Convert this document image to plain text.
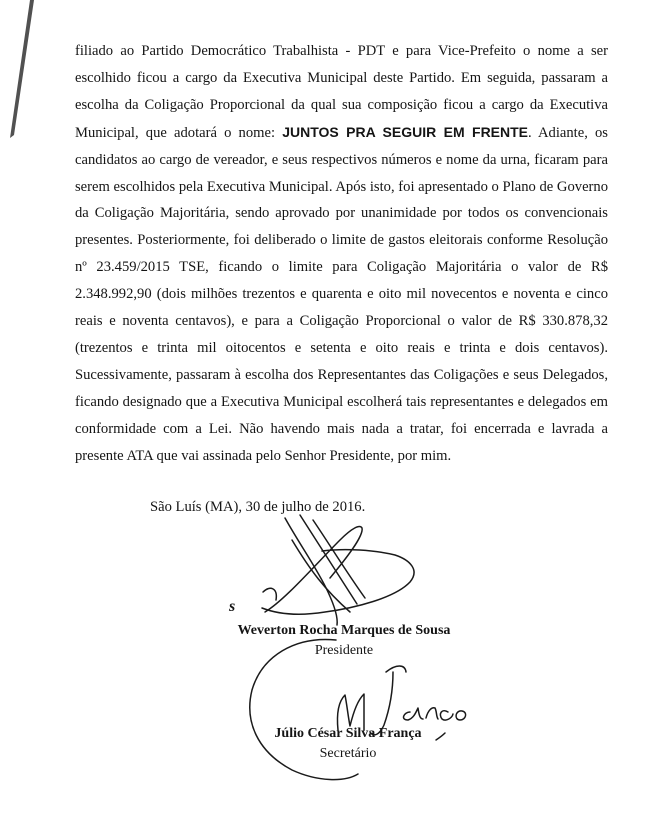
filiado ao Partido Democrático Trabalhista - PDT e para Vice-Prefeito o nome a ser escolhido ficou a cargo da Executiva Municipal deste Partido. Em seguida, passaram a escolha da Coligação Proporcional da qual sua composição ficou a cargo da Executiva Municipal, que adotará o nome: JUNTOS PRA SEGUIR EM FRENTE. Adiante, os candidatos ao cargo de vereador, e seus respectivos números e nome da urna, ficaram para serem escolhidos pela Executiva Municipal. Após isto, foi apresentado o Plano de Governo da Coligação Majoritária, sendo aprovado por unanimidade por todos os convencionais presentes. Posteriormente, foi deliberado o limite de gastos eleitorais conforme Resolução nº 23.459/2015 TSE, ficando o limite para Coligação Majoritária o valor de R$ 2.348.992,90 (dois milhões trezentos e quarenta e oito mil novecentos e noventa e cinco reais e noventa centavos), e para a Coligação Proporcional o valor de R$ 330.878,32 (trezentos e trinta mil oitocentos e setenta e oito reais e trinta e dois centavos). Sucessivamente, passaram à escolha dos Representantes das Coligações e seus Delegados, ficando designado que a Executiva Municipal escolherá tais representantes e delegados em conformidade com a Lei. Não havendo mais nada a tratar, foi encerrada e lavrada a presente ATA que vai assinada pelo Senhor Presidente, por mim.

São Luís (MA), 30 de julho de 2016.
s
Weverton Rocha Marques de Sousa
Presidente
Júlio César Silva França
Secretário
